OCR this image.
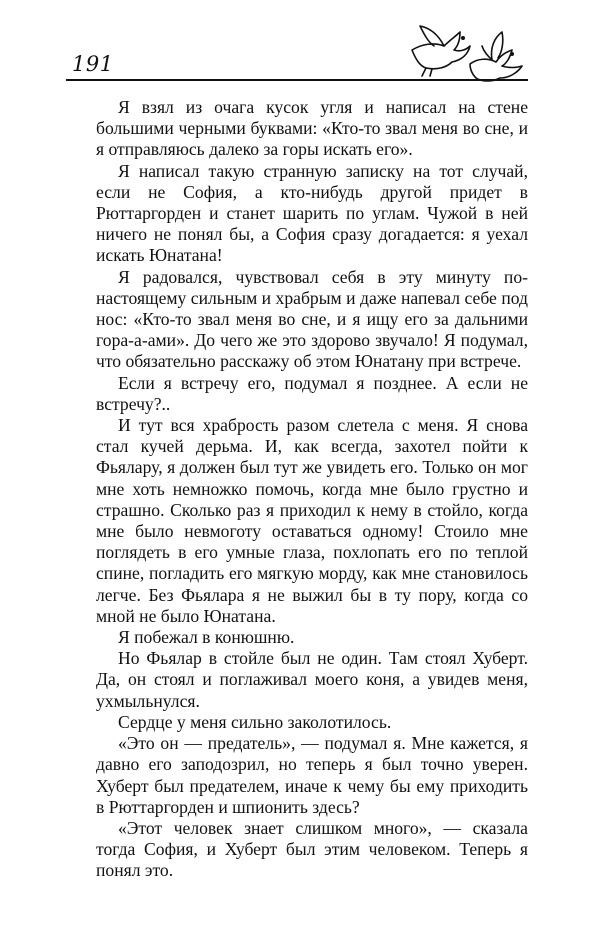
191

Я взял из очага кусок угля и написал на стене большими черными буквами: «Кто-то звал меня во сне, и я отправляюсь далеко за горы искать его».

Я написал такую странную записку на тот случай, если не София, а кто-нибудь другой придет в Рюттаргорден и станет шарить по углам. Чужой в ней ничего не понял бы, а София сразу догадается: я уехал искать Юнатана!

Я радовался, чувствовал себя в эту минуту по-настоящему сильным и храбрым и даже напевал себе под нос: «Кто-то звал меня во сне, и я ищу его за дальними гора-а-ами». До чего же это здорово звучало! Я подумал, что обязательно расскажу об этом Юнатану при встрече.

Если я встречу его, подумал я позднее. А если не встречу?..

И тут вся храбрость разом слетела с меня. Я снова стал кучей дерьма. И, как всегда, захотел пойти к Фьялару, я должен был тут же увидеть его. Только он мог мне хоть немножко помочь, когда мне было грустно и страшно. Сколько раз я приходил к нему в стойло, когда мне было невмоготу оставаться одному! Стоило мне поглядеть в его умные глаза, похлопать его по теплой спине, погладить его мягкую морду, как мне становилось легче. Без Фьялара я не выжил бы в ту пору, когда со мной не было Юнатана.

Я побежал в конюшню.

Но Фьялар в стойле был не один. Там стоял Хуберт. Да, он стоял и поглаживал моего коня, а увидев меня, ухмыльнулся.

Сердце у меня сильно заколотилось.

«Это он — предатель», — подумал я. Мне кажется, я давно его заподозрил, но теперь я был точно уверен. Хуберт был предателем, иначе к чему бы ему приходить в Рюттаргорден и шпионить здесь?

«Этот человек знает слишком много», — сказала тогда София, и Хуберт был этим человеком. Теперь я понял это.
